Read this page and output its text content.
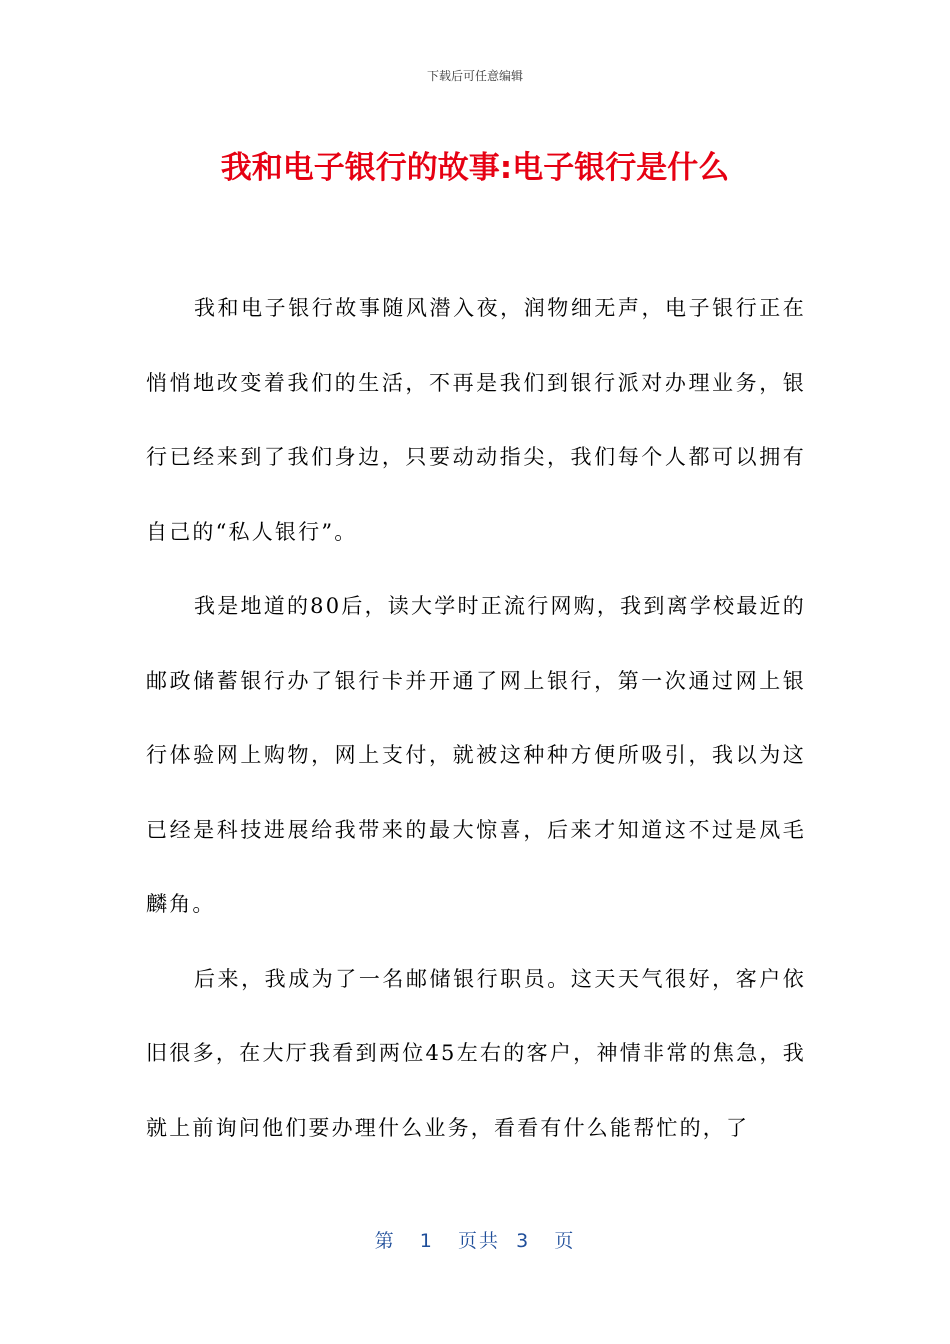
下载后可任意编辑
我和电子银行的故事:电子银行是什么

我和电子银行故事随风潜入夜，润物细无声，电子银行正在悄悄地改变着我们的生活，不再是我们到银行派对办理业务，银行已经来到了我们身边，只要动动指尖，我们每个人都可以拥有自己的“私人银行”。

我是地道的80后，读大学时正流行网购，我到离学校最近的邮政储蓄银行办了银行卡并开通了网上银行，第一次通过网上银行体验网上购物，网上支付，就被这种种方便所吸引，我以为这已经是科技进展给我带来的最大惊喜，后来才知道这不过是凤毛麟角。

后来，我成为了一名邮储银行职员。这天天气很好，客户依旧很多，在大厅我看到两位45左右的客户，神情非常的焦急，我就上前询问他们要办理什么业务，看看有什么能帮忙的，了

第 1 页共 3 页
